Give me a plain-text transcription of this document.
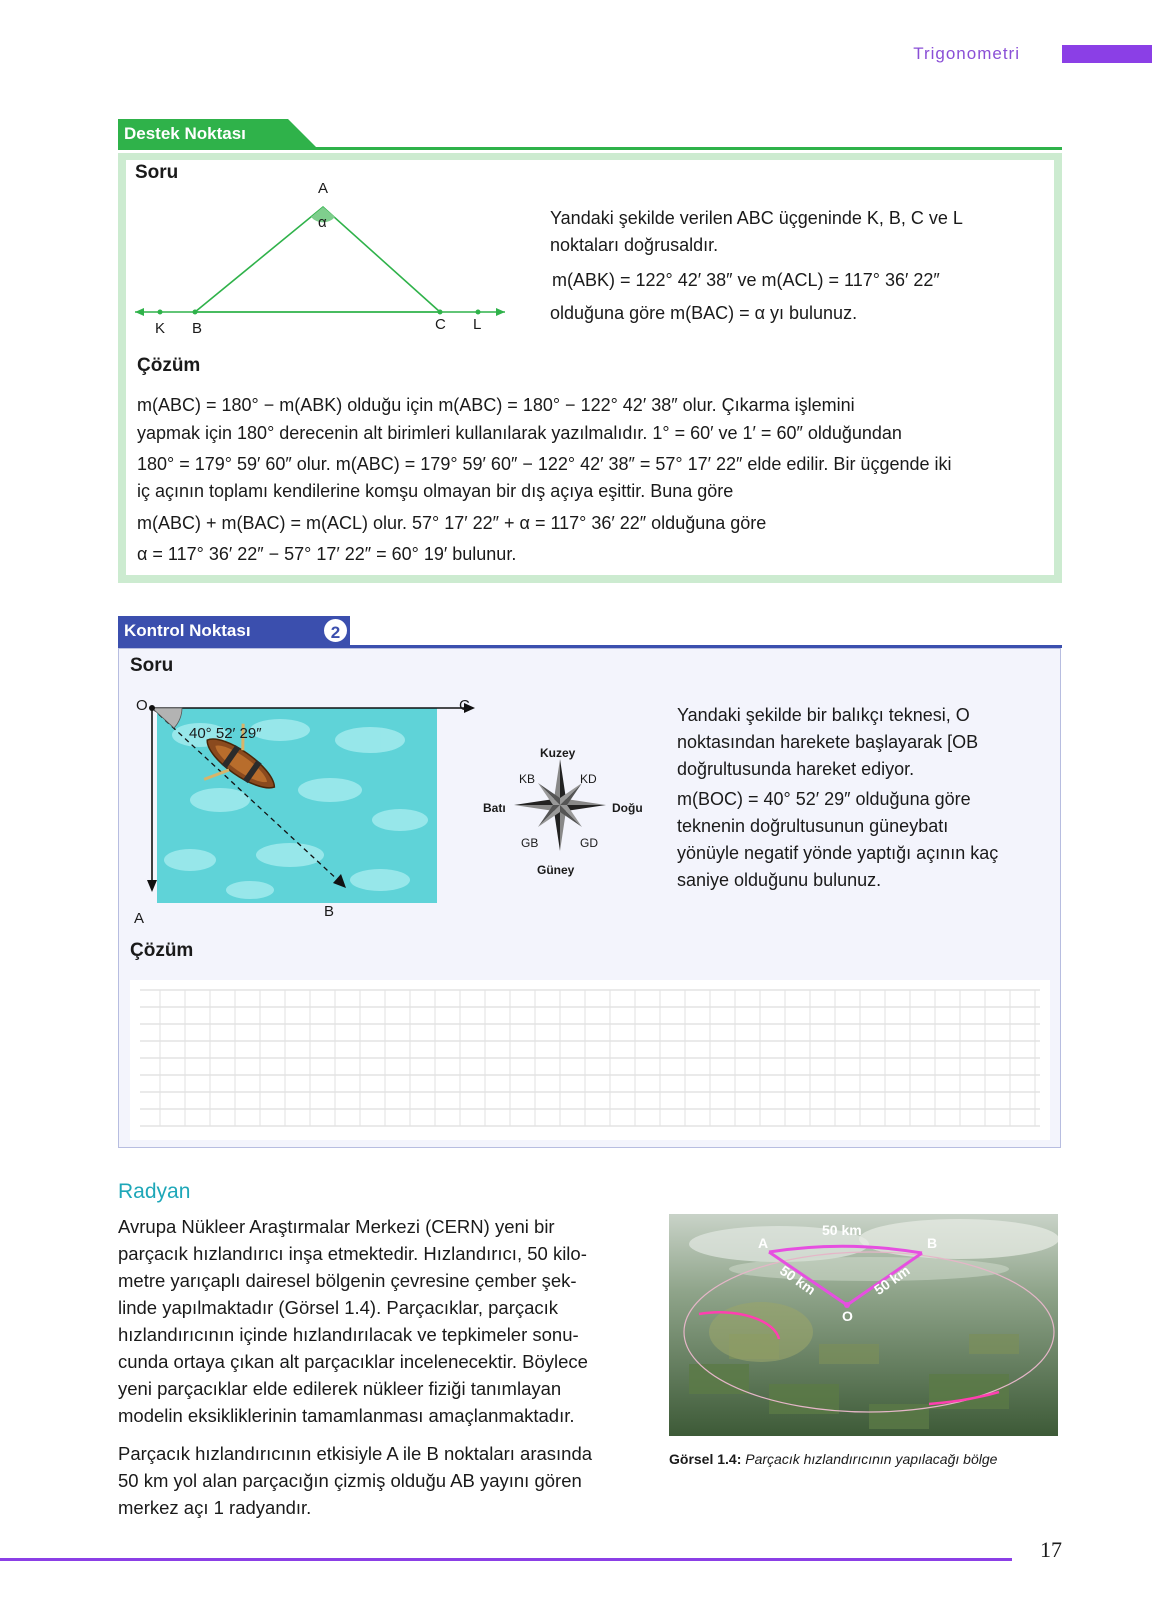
Trigonometri
Destek Noktası
Soru
A
α
K B	C L
Yandaki şekilde verilen ABC üçgeninde K, B, C ve L
noktaları doğrusaldır.
m(ABK) = 122° 42′ 38″ ve m(ACL) = 117° 36′ 22″
olduğuna göre m(BAC) = α yı bulunuz.
Çözüm
m(ABC) = 180° − m(ABK) olduğu için m(ABC) = 180° − 122° 42′ 38″ olur. Çıkarma işlemini
yapmak için 180° derecenin alt birimleri kullanılarak yazılmalıdır. 1° = 60′ ve 1′ = 60″ olduğundan
180° = 179° 59′ 60″ olur. m(ABC) = 179° 59′ 60″ − 122° 42′ 38″ = 57° 17′ 22″ elde edilir. Bir üçgende iki
iç açının toplamı kendilerine komşu olmayan bir dış açıya eşittir. Buna göre
m(ABC) + m(BAC) = m(ACL) olur. 57° 17′ 22″ + α = 117° 36′ 22″ olduğuna göre
α = 117° 36′ 22″ − 57° 17′ 22″ = 60° 19′ bulunur.
Kontrol Noktası	2
Soru
O	C
A	B
40° 52′ 29″
Kuzey
Güney
Batı	Doğu
KB	KD
GB	GD
Yandaki şekilde bir balıkçı teknesi, O
noktasından harekete başlayarak [OB
doğrultusunda hareket ediyor.
m(BOC) = 40° 52′ 29″ olduğuna göre
teknenin doğrultusunun güneybatı
yönüyle negatif yönde yaptığı açının kaç
saniye olduğunu bulunuz.
Çözüm
Radyan
Avrupa Nükleer Araştırmalar Merkezi (CERN) yeni bir
parçacık hızlandırıcı inşa etmektedir. Hızlandırıcı, 50 kilo-
metre yarıçaplı dairesel bölgenin çevresine çember şek-
linde yapılmaktadır (Görsel 1.4). Parçacıklar, parçacık
hızlandırıcının içinde hızlandırılacak ve tepkimeler sonu-
cunda ortaya çıkan alt parçacıklar incelenecektir. Böylece
yeni parçacıklar elde edilerek nükleer fiziği tanımlayan
modelin eksikliklerinin tamamlanması amaçlanmaktadır.
Parçacık hızlandırıcının etkisiyle A ile B noktaları arasında
50 km yol alan parçacığın çizmiş olduğu AB yayını gören
merkez açı 1 radyandır.
A	B
O
50 km
50 km	50 km
Görsel 1.4: Parçacık hızlandırıcının yapılacağı bölge
17
